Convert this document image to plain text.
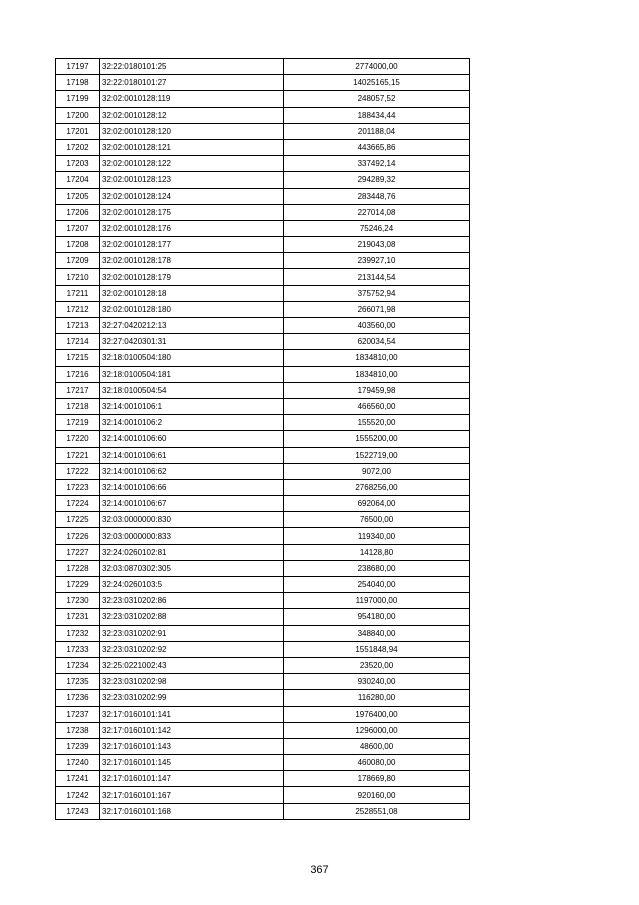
17197	32:22:0180101:25	2774000,00
17198	32:22:0180101:27	14025165,15
17199	32:02:0010128:119	248057,52
17200	32:02:0010128:12	188434,44
17201	32:02:0010128:120	201188,04
17202	32:02:0010128:121	443665,86
17203	32:02:0010128:122	337492,14
17204	32:02:0010128:123	294289,32
17205	32:02:0010128:124	283448,76
17206	32:02:0010128:175	227014,08
17207	32:02:0010128:176	75246,24
17208	32:02:0010128:177	219043,08
17209	32:02:0010128:178	239927,10
17210	32:02:0010128:179	213144,54
17211	32:02:0010128:18	375752,94
17212	32:02:0010128:180	266071,98
17213	32:27:0420212:13	403560,00
17214	32:27:0420301:31	620034,54
17215	32:18:0100504:180	1834810,00
17216	32:18:0100504:181	1834810,00
17217	32:18:0100504:54	179459,98
17218	32:14:0010106:1	466560,00
17219	32:14:0010106:2	155520,00
17220	32:14:0010106:60	1555200,00
17221	32:14:0010106:61	1522719,00
17222	32:14:0010106:62	9072,00
17223	32:14:0010106:66	2768256,00
17224	32:14:0010106:67	692064,00
17225	32:03:0000000:830	76500,00
17226	32:03:0000000:833	119340,00
17227	32:24:0260102:81	14128,80
17228	32:03:0870302:305	238680,00
17229	32:24:0260103:5	254040,00
17230	32:23:0310202:86	1197000,00
17231	32:23:0310202:88	954180,00
17232	32:23:0310202:91	348840,00
17233	32:23:0310202:92	1551848,94
17234	32:25:0221002:43	23520,00
17235	32:23:0310202:98	930240,00
17236	32:23:0310202:99	116280,00
17237	32:17:0160101:141	1976400,00
17238	32:17:0160101:142	1296000,00
17239	32:17:0160101:143	48600,00
17240	32:17:0160101:145	460080,00
17241	32:17:0160101:147	178669,80
17242	32:17:0160101:167	920160,00
17243	32:17:0160101:168	2528551,08
367
